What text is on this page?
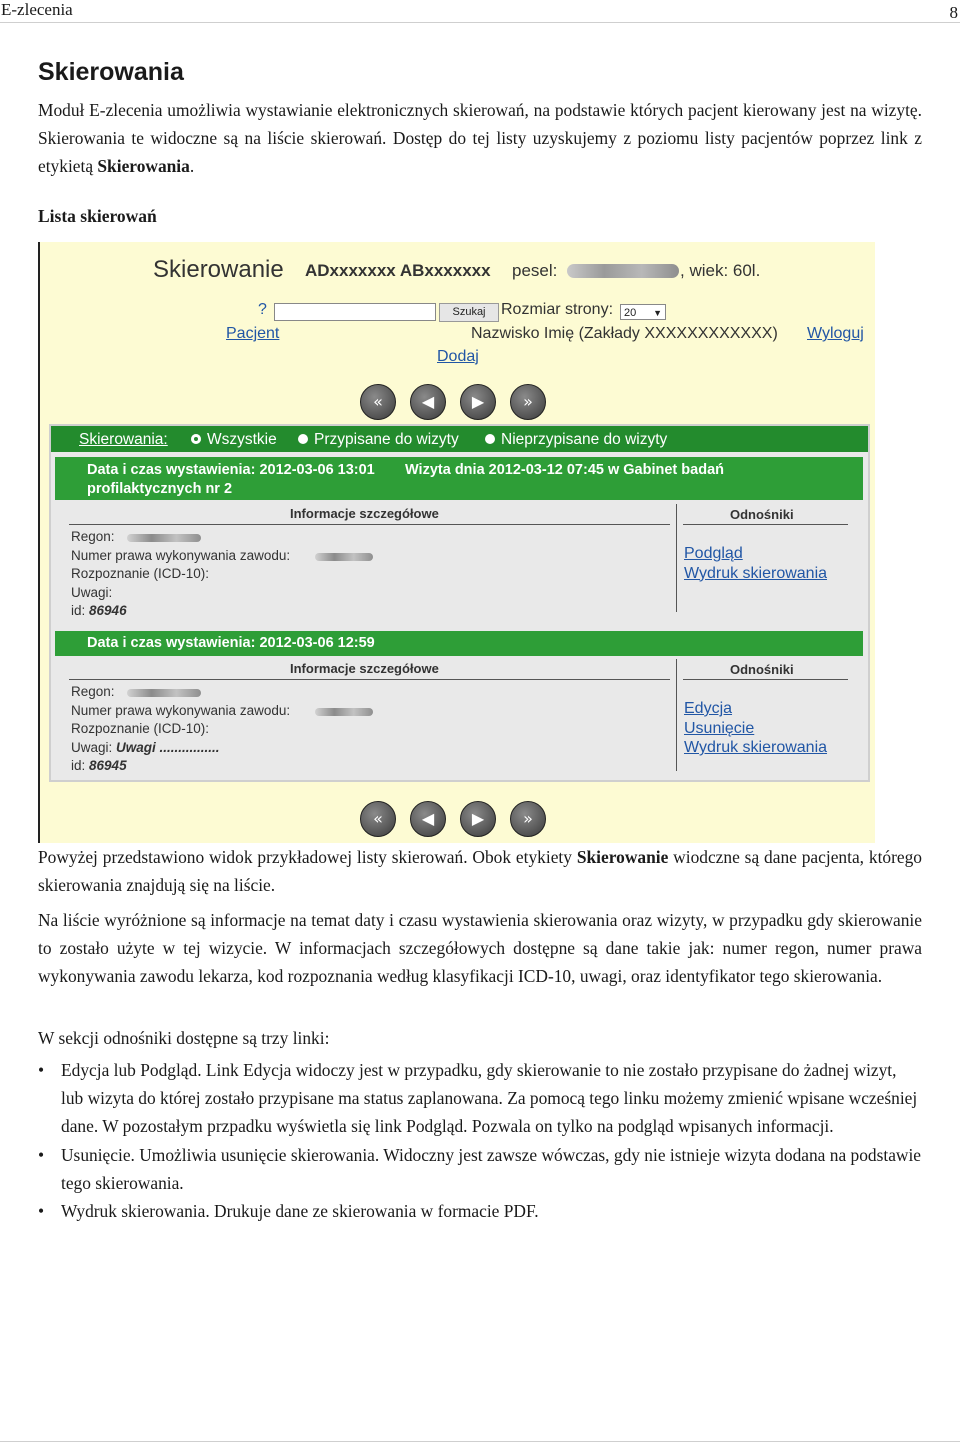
E-zlecenia	8
Skierowania

Moduł E-zlecenia umożliwia wystawianie elektronicznych skierowań, na podstawie których pacjent kierowany jest na wizytę. Skierowania te widoczne są na liście skierowań. Dostęp do tej listy uzyskujemy z poziomu listy pacjentów poprzez link z etykietą Skierowania.

Lista skierowań

Powyżej przedstawiono widok przykładowej listy skierowań. Obok etykiety Skierowanie wiodczne są dane pacjenta, którego skierowania znajdują się na liście.

Na liście wyróżnione są informacje na temat daty i czasu wystawienia skierowania oraz wizyty, w przypadku gdy skierowanie to zostało użyte w tej wizycie. W informacjach szczegółowych dostępne są dane takie jak: numer regon, numer prawa wykonywania zawodu lekarza, kod rozpoznania według klasyfikacji ICD-10, uwagi, oraz identyfikator tego skierowania.

W sekcji odnośniki dostępne są trzy linki:

• Edycja lub Podgląd. Link Edycja widoczy jest w przypadku, gdy skierowanie to nie zostało przypisane do żadnej wizyt, lub wizyta do której zostało przypisane ma status zaplanowana. Za pomocą tego linku możemy zmienić wpisane wcześniej dane. W pozostałym przpadku wyświetla się link Podgląd. Pozwala on tylko na podgląd wpisanych informacji.
• Usunięcie. Umożliwia usunięcie skierowania. Widoczny jest zawsze wówczas, gdy nie istnieje wizyta dodana na podstawie tego skierowania.
• Wydruk skierowania. Drukuje dane ze skierowania w formacie PDF.
Skierowanie ADxxxxxxx ABxxxxxxx pesel:	, wiek: 60l.
?	Szukaj Rozmiar strony: 20 ▼
Pacjent	Nazwisko Imię (Zakłady XXXXXXXXXXXX) Wyloguj
Dodaj
«	◀	▶	»
Skierowania:	Wszystkie	Przypisane do wizyty	Nieprzypisane do wizyty
Data i czas wystawienia: 2012-03-06 13:01 Wizyta dnia 2012-03-12 07:45 w Gabinet badań
profilaktycznych nr 2
Informacje szczegółowe	Odnośniki
Regon:
Numer prawa wykonywania zawodu:
Rozpoznanie (ICD-10):
Uwagi:
id: 86946
Podgląd
Wydruk skierowania
Data i czas wystawienia: 2012-03-06 12:59
Informacje szczegółowe	Odnośniki
Regon:
Numer prawa wykonywania zawodu:
Rozpoznanie (ICD-10):
Uwagi: Uwagi ................
id: 86945
Edycja
Usunięcie
Wydruk skierowania
«	◀	▶	»
